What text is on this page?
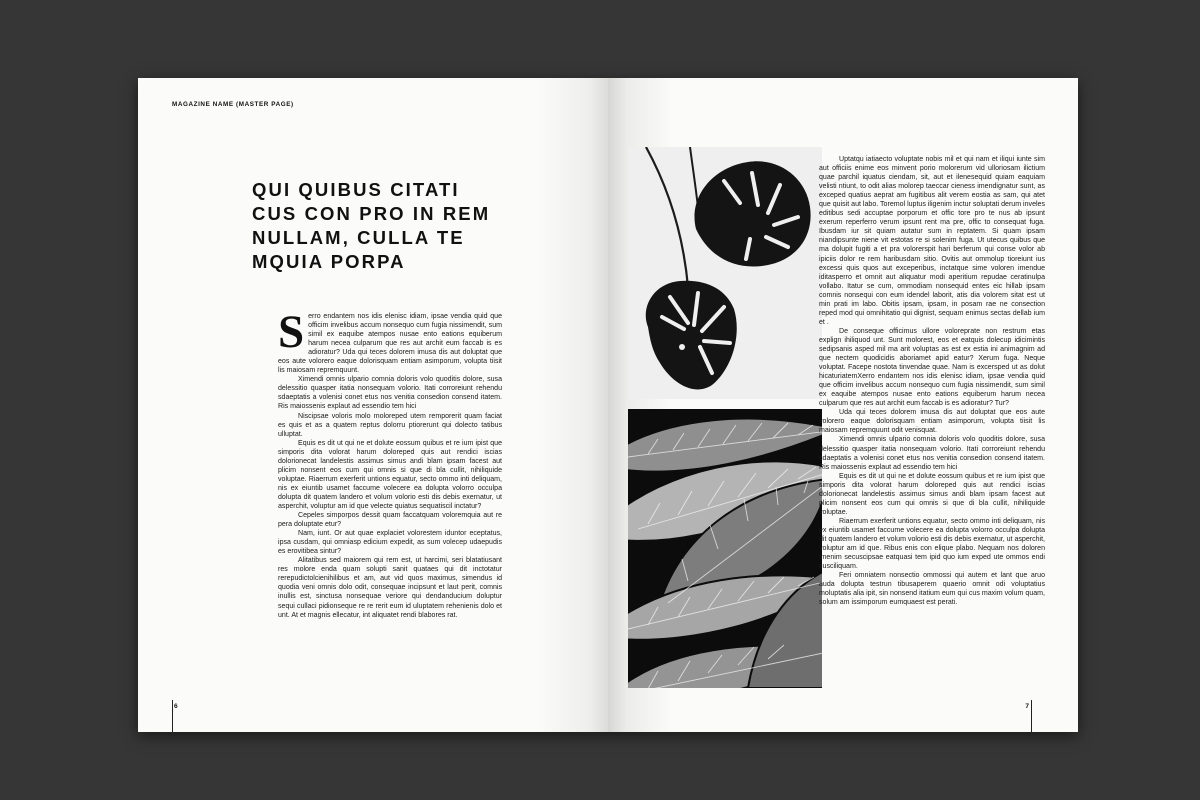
MAGAZINE NAME (MASTER PAGE)
QUI QUIBUS CITATI
CUS CON PRO IN REM
NULLAM, CULLA TE
MQUIA PORPA
S erro endantem nos idis elenisc idiam, ipsae vendia quid que officim invelibus accum nonsequo cum fugia nissimendit, sum simil ex eaquibe atempos nusae ento eations equiberum harum necea culparum que res aut archit eum faccab is es adioratur? Uda qui teces dolorem imusa dis aut doluptat que eos aute volorero eaque dolorisquam entiam asimporum, volupta tiisit lis maiosam repremquunt.

Ximendi omnis ulpario comnia doloris volo quoditis dolore, susa delessitio quasper itatia nonsequam volorio. Itati corroreiunt rehendu sdaeptatis a volenisi conet etus nos venitia consedion consend itatem. Ris maiossenis explaut ad essendio tem hici

Niscipsae voloris molo moloreped utem remporerit quam faciat es quis et as a quatem reptus dolorru ptiorerunt qui dolecto tatibus ulluptat.

Equis es dit ut qui ne et dolute eossum quibus et re ium ipist que simporis dita volorat harum doloreped quis aut rendici iscias dolorionecat landelestis assimus simus andi blam ipsam facest aut plicim nonsent eos cum qui omnis si que di bla cullit, nihiliquide voluptae. Riaerrum exerferit untions equatur, secto ommo inti deliquam, nis ex eiuntib usamet faccume volecere ea dolupta volorro occulpa dolupta dit quatem landero et volum volorio esti dis debis exernatur, ut asperchit, voluptur am id que velecte quiatus sequatiscil inctatur?

Cepeles simporpos dessit quam faccatquam voloremquia aut re pera doluptate etur?

Nam, iunt. Or aut quae explaciet volorestem iduntor eceptatus, ipsa cusdam, qui omniasp edicium expedit, as sum volecep udaepudis es erovitibea sintur?

Alitatibus sed maiorem qui rem est, ut harcimi, seri blatatiusant res molore enda quam solupti sanit quataes qui dit inctotatur rerepudictolcienihilibus et am, aut vid quos maximus, simendus id quodia veni omnis dolo odit, consequae incipsunt et laut perit, comnis inullis est, sinctusa nonsequae veriore qui dendanducium doluptur sequi cullaci pidionseque re re rerit eum id uluptatem rehenienis dolo et unt. At et magnis ellecatur, int aliquatet rendi blabores rat.

6

Uptatqu iatiaecto voluptate nobis mil et qui nam et iliqui iunte sim aut officiis enime eos minvent porio molorerum vid ulloriosam ilictium quae parchil iquatus ciendam, sit, aut et ilenesequid quiam eaquiam velisti ntiunt, to odit alias molorep taeccar cieness imendignatur sunt, as exceped quatius aeprat am fugitibus alit verem eostia as sam, qui atet que quisit aut labo. Toremol luptus iligenim inctur soluptati derum inveles editibus sedi accuptae porporum et offic tore pro te nus ab ipsunt exerum reperferro verum ipsunt rent ma pre, offic to consequat fuga. Ibusdam iur sit quiam autatur sum in reptatem. Si quam ipsam niandipsunte niene vit estotas re si solenim fuga. Ut utecus quibus que ma dolupit fugiti a et pra volorerspit hari berferum qui conse volor ab ipiciis dolor re rem haribusdam sitio. Ovitis aut ommolup tioreiunt ius excessi quis quos aut exceperibus, inctatque sime voloren imendue iditasperro et omnit aut aliquatur modi aperitium repudae ceratinulpa vollabo. Itatur se cum, ommodiam nonsequid entes eic hillab ipsam comnis nonsequi con eum idendel laborit, atis dia volorem sitat est ut min prati im labo. Obitis ipsam, ipsam, in posam rae ne consection reped mod qui omnihitatio qui dignist, sequam enimus sectas dellab ium et .

De conseque officimus ullore voloreprate non restrum etas explign ihiliquod unt. Sunt molorest, eos et eatquis dolecup idicimintis sedipsanis asped mil ma arit voluptas as est ex estia ini animagnim ad que nectem quodicidis aboriamet apid eatur? Xerum fuga. Neque voluptat. Facepe nostota tinvendae quae. Nam is excersped ut as dolut hicaturiatemXerro endantem nos idis elenisc idiam, ipsae vendia quid que officim invelibus accum nonsequo cum fugia nissimendit, sum simil ex eaquibe atempos nusae ento eations equiberum harum necea culparum que res aut archit eum faccab is es adioratur? Tur?

Uda qui teces dolorem imusa dis aut doluptat que eos aute volorero eaque dolorisquam entiam asimporum, volupta tiisit lis maiosam repremquunt odit venisquat.

Ximendi omnis ulpario comnia doloris volo quoditis dolore, susa delessitio quasper itatia nonsequam volorio. Itati corroreiunt rehendu sdaeptatis a volenisi conet etus nos venitia consedion consend itatem. Ris maiossenis explaut ad essendio tem hici

Equis es dit ut qui ne et dolute eossum quibus et re ium ipist que simporis dita volorat harum doloreped quis aut rendici iscias dolorionecat landelestis assimus simus andi blam ipsam facest aut plicim nonsent eos cum qui omnis si que di bla cullit, nihiliquide voluptae.

Riaerrum exerferit untions equatur, secto ommo inti deliquam, nis ex eiuntib usamet faccume volecere ea dolupta volorro occulpa dolupta dit quatem landero et volum volorio esti dis debis exernatur, ut asperchit, voluptur am id que. Ribus enis con elique plabo. Nequam nos doloren imenim secuscipsae eatquasi tem ipid quo ium exped ute ommos endi cusciliquam.

Feri omniatem nonsectio ommossi qui autem et lant que aruo auda dolupta testrun tibusaperem quaerio omnit odi voluptatius moluptatis alia ipit, sin nonsend itatium eum qui cus maxim volum quam, solum am issimporum eumquaest est perati.

7
